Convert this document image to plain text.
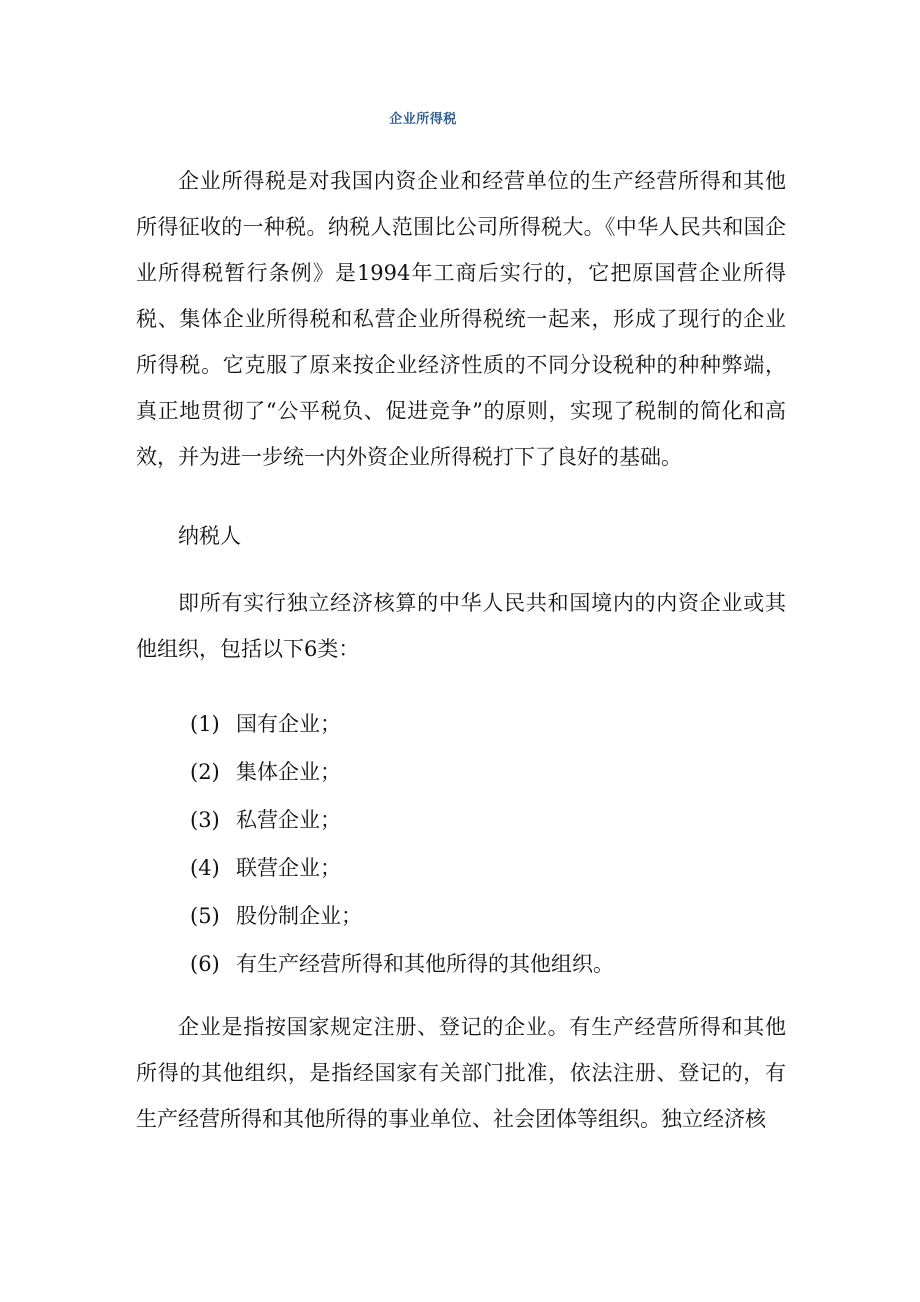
企业所得税

企业所得税是对我国内资企业和经营单位的生产经营所得和其他所得征收的一种税。纳税人范围比公司所得税大。《中华人民共和国企业所得税暂行条例》是1994年工商后实行的，它把原国营企业所得税、集体企业所得税和私营企业所得税统一起来，形成了现行的企业所得税。它克服了原来按企业经济性质的不同分设税种的种种弊端，真正地贯彻了“公平税负、促进竞争”的原则，实现了税制的简化和高效，并为进一步统一内外资企业所得税打下了良好的基础。

纳税人

即所有实行独立经济核算的中华人民共和国境内的内资企业或其他组织，包括以下6类：

(1) 国有企业；
(2) 集体企业；
(3) 私营企业；
(4) 联营企业；
(5) 股份制企业；
(6) 有生产经营所得和其他所得的其他组织。

企业是指按国家规定注册、登记的企业。有生产经营所得和其他所得的其他组织，是指经国家有关部门批准，依法注册、登记的，有生产经营所得和其他所得的事业单位、社会团体等组织。独立经济核
